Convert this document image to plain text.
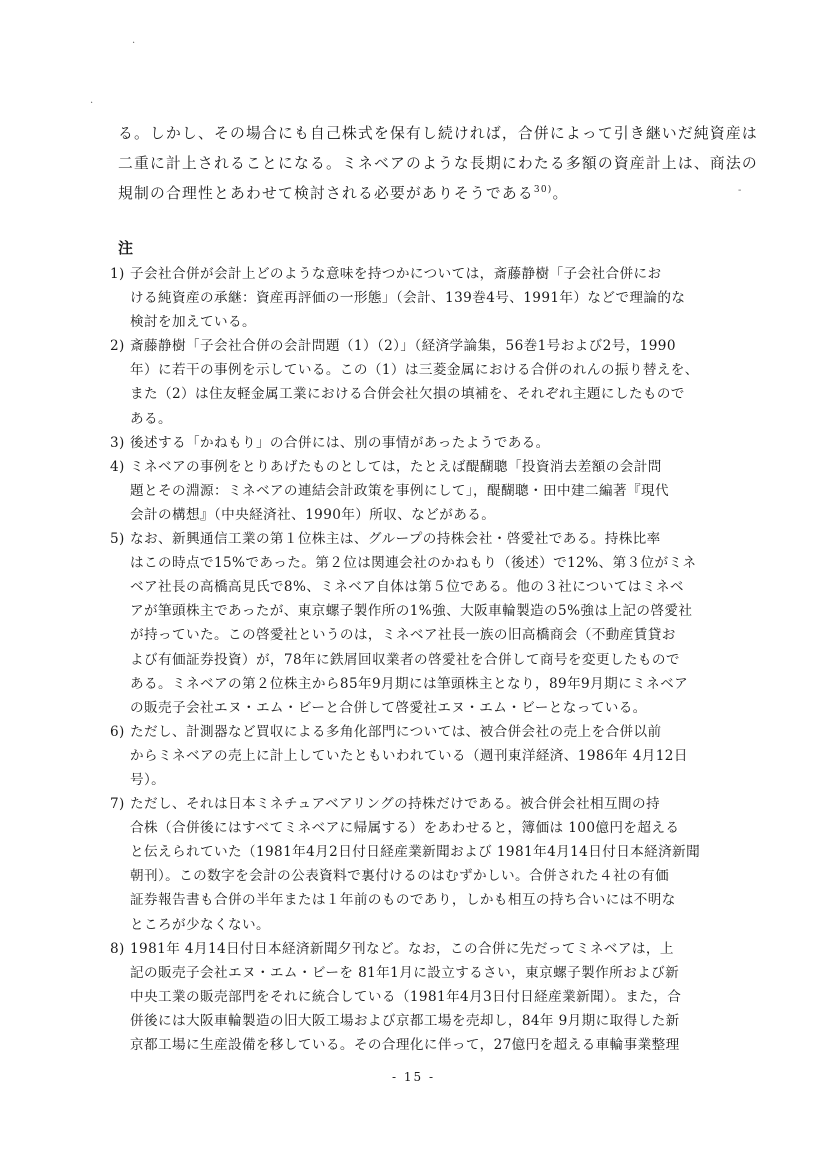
.
.
-
る。しかし、その場合にも自己株式を保有し続ければ，合併によって引き継いだ純資産は
二重に計上されることになる。ミネベアのような長期にわたる多額の資産計上は、商法の
規制の合理性とあわせて検討される必要がありそうである$^{30)}$。
注
1) 子会社合併が会計上どのような意味を持つかについては，斎藤静樹「子会社合併にお
ける純資産の承継：資産再評価の一形態」（会計、139巻4号、1991年）などで理論的な
検討を加えている。
2) 斎藤静樹「子会社合併の会計問題（1）（2）」（経済学論集，56巻1号および2号，1990
年）に若干の事例を示している。この（1）は三菱金属における合併のれんの振り替えを、
また（2）は住友軽金属工業における合併会社欠損の填補を、それぞれ主題にしたもので
ある。
3) 後述する「かねもり」の合併には、別の事情があったようである。
4) ミネベアの事例をとりあげたものとしては，たとえば醍醐聰「投資消去差額の会計問
題とその淵源：ミネベアの連結会計政策を事例にして」，醍醐聰・田中建二編著『現代
会計の構想』（中央経済社、1990年）所収、などがある。
5) なお、新興通信工業の第１位株主は、グループの持株会社・啓愛社である。持株比率
はこの時点で15%であった。第２位は関連会社のかねもり（後述）で12%、第３位がミネ
ベア社長の高橋高見氏で8%、ミネベア自体は第５位である。他の３社についてはミネベ
アが筆頭株主であったが、東京螺子製作所の1%強、大阪車輪製造の5%強は上記の啓愛社
が持っていた。この啓愛社というのは，ミネベア社長一族の旧高橋商会（不動産賃貸お
よび有価証券投資）が，78年に鉄屑回収業者の啓愛社を合併して商号を変更したもので
ある。ミネベアの第２位株主から85年9月期には筆頭株主となり，89年9月期にミネベア
の販売子会社エヌ・エム・ビーと合併して啓愛社エヌ・エム・ビーとなっている。
6) ただし、計測器など買収による多角化部門については、被合併会社の売上を合併以前
からミネベアの売上に計上していたともいわれている（週刊東洋経済、1986年 4月12日
号）。
7) ただし、それは日本ミネチュアベアリングの持株だけである。被合併会社相互間の持
合株（合併後にはすべてミネベアに帰属する）をあわせると，簿価は 100億円を超える
と伝えられていた（1981年4月2日付日経産業新聞および 1981年4月14日付日本経済新聞
朝刊）。この数字を会計の公表資料で裏付けるのはむずかしい。合併された４社の有価
証券報告書も合併の半年または１年前のものであり，しかも相互の持ち合いには不明な
ところが少なくない。
8) 1981年 4月14日付日本経済新聞夕刊など。なお，この合併に先だってミネベアは，上
記の販売子会社エヌ・エム・ビーを 81年1月に設立するさい，東京螺子製作所および新
中央工業の販売部門をそれに統合している（1981年4月3日付日経産業新聞）。また，合
併後には大阪車輪製造の旧大阪工場および京都工場を売却し，84年 9月期に取得した新
京都工場に生産設備を移している。その合理化に伴って，27億円を超える車輪事業整理
- 15 -
